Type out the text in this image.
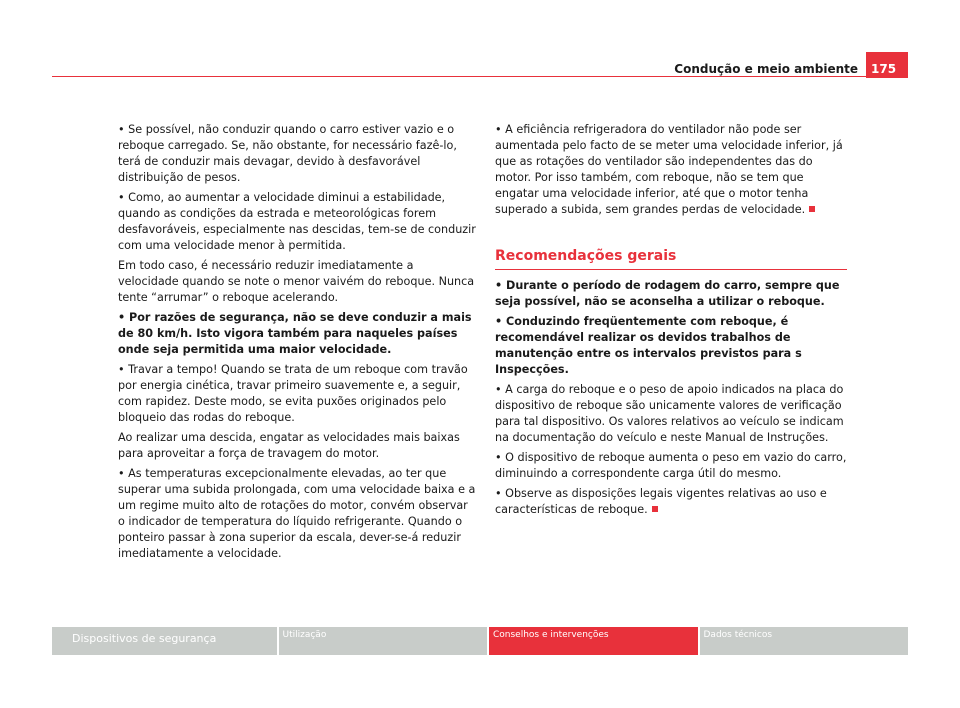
Condução e meio ambiente	175

• Se possível, não conduzir quando o carro estiver vazio e o reboque carregado. Se, não obstante, for necessário fazê-lo, terá de conduzir mais devagar, devido à desfavorável distribuição de pesos.

• Como, ao aumentar a velocidade diminui a estabilidade, quando as condições da estrada e meteorológicas forem desfavoráveis, especialmente nas descidas, tem-se de conduzir com uma velocidade menor à permitida.

Em todo caso, é necessário reduzir imediatamente a velocidade quando se note o menor vaivém do reboque. Nunca tente “arrumar” o reboque acelerando.

• Por razões de segurança, não se deve conduzir a mais de 80 km/h. Isto vigora também para naqueles países onde seja permitida uma maior velocidade.

• Travar a tempo! Quando se trata de um reboque com travão por energia cinética, travar primeiro suavemente e, a seguir, com rapidez. Deste modo, se evita puxões originados pelo bloqueio das rodas do reboque.

Ao realizar uma descida, engatar as velocidades mais baixas para aproveitar a força de travagem do motor.

• As temperaturas excepcionalmente elevadas, ao ter que superar uma subida prolongada, com uma velocidade baixa e a um regime muito alto de rotações do motor, convém observar o indicador de temperatura do líquido refrigerante. Quando o ponteiro passar à zona superior da escala, dever-se-á reduzir imediatamente a velocidade.

• A eficiência refrigeradora do ventilador não pode ser aumentada pelo facto de se meter uma velocidade inferior, já que as rotações do ventilador são independentes das do motor. Por isso também, com reboque, não se tem que engatar uma velocidade inferior, até que o motor tenha superado a subida, sem grandes perdas de velocidade.

Recomendações gerais

• Durante o período de rodagem do carro, sempre que seja possível, não se aconselha a utilizar o reboque.

• Conduzindo freqüentemente com reboque, é recomendável realizar os devidos trabalhos de manutenção entre os intervalos previstos para s Inspecções.

• A carga do reboque e o peso de apoio indicados na placa do dispositivo de reboque são unicamente valores de verificação para tal dispositivo. Os valores relativos ao veículo se indicam na documentação do veículo e neste Manual de Instruções.

• O dispositivo de reboque aumenta o peso em vazio do carro, diminuindo a correspondente carga útil do mesmo.

• Observe as disposições legais vigentes relativas ao uso e características de reboque.

Dispositivos de segurança	Utilização	Conselhos e intervenções	Dados técnicos
